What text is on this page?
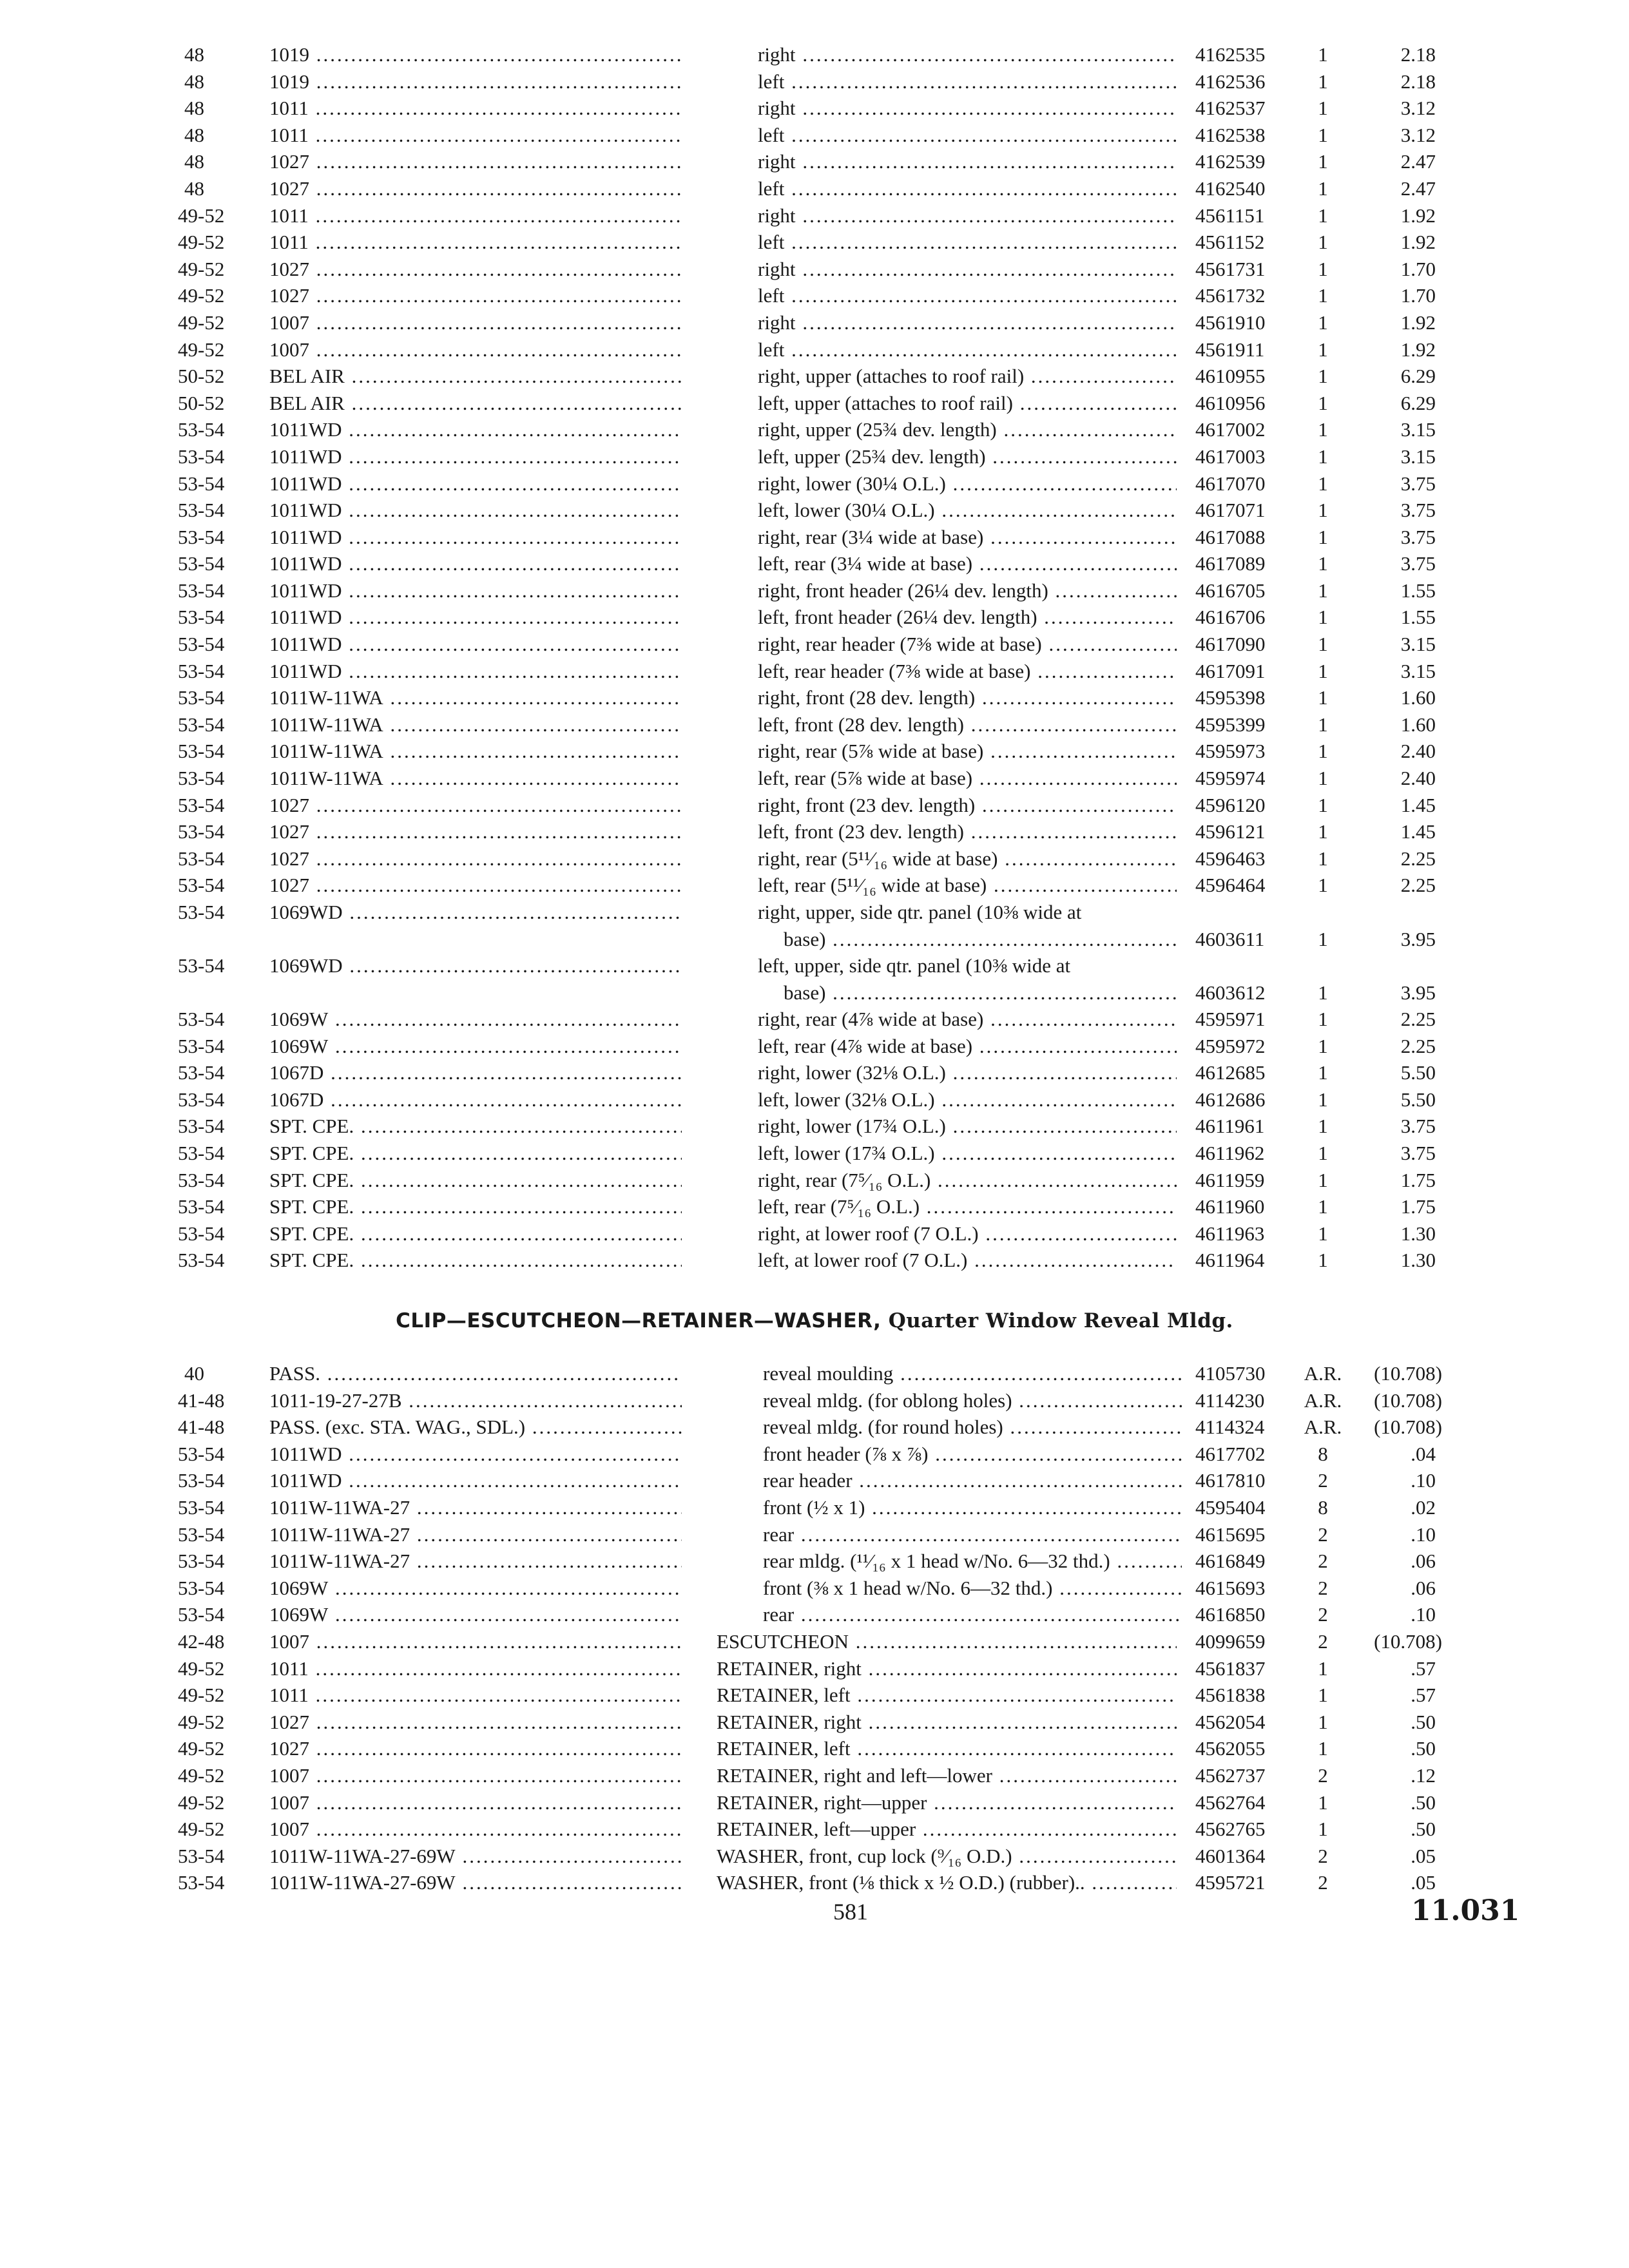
48	1019 .....	right .....	4162535	1	2.18
48	1019 .....	left .....	4162536	1	2.18
48	1011 .....	right .....	4162537	1	3.12
48	1011 .....	left .....	4162538	1	3.12
48	1027 .....	right .....	4162539	1	2.47
48	1027 .....	left .....	4162540	1	2.47
49-52	1011 .....	right .....	4561151	1	1.92
49-52	1011 .....	left .....	4561152	1	1.92
49-52	1027 .....	right .....	4561731	1	1.70
49-52	1027 .....	left .....	4561732	1	1.70
49-52	1007 .....	right .....	4561910	1	1.92
49-52	1007 .....	left .....	4561911	1	1.92
50-52	BEL AIR .....	right, upper (attaches to roof rail) .....	4610955	1	6.29
50-52	BEL AIR .....	left, upper (attaches to roof rail) .....	4610956	1	6.29
53-54	1011WD .....	right, upper (25¾ dev. length) .....	4617002	1	3.15
53-54	1011WD .....	left, upper (25¾ dev. length) .....	4617003	1	3.15
53-54	1011WD .....	right, lower (30¼ O.L.) .....	4617070	1	3.75
53-54	1011WD .....	left, lower (30¼ O.L.) .....	4617071	1	3.75
53-54	1011WD .....	right, rear (3¼ wide at base) .....	4617088	1	3.75
53-54	1011WD .....	left, rear (3¼ wide at base) .....	4617089	1	3.75
53-54	1011WD .....	right, front header (26¼ dev. length) .....	4616705	1	1.55
53-54	1011WD .....	left, front header (26¼ dev. length) .....	4616706	1	1.55
53-54	1011WD .....	right, rear header (7⅜ wide at base) .....	4617090	1	3.15
53-54	1011WD .....	left, rear header (7⅜ wide at base) .....	4617091	1	3.15
53-54	1011W-11WA .....	right, front (28 dev. length) .....	4595398	1	1.60
53-54	1011W-11WA .....	left, front (28 dev. length) .....	4595399	1	1.60
53-54	1011W-11WA .....	right, rear (5⅞ wide at base) .....	4595973	1	2.40
53-54	1011W-11WA .....	left, rear (5⅞ wide at base) .....	4595974	1	2.40
53-54	1027 .....	right, front (23 dev. length) .....	4596120	1	1.45
53-54	1027 .....	left, front (23 dev. length) .....	4596121	1	1.45
53-54	1027 .....	right, rear (5¹¹⁄₁₆ wide at base) .....	4596463	1	2.25
53-54	1027 .....	left, rear (5¹¹⁄₁₆ wide at base) .....	4596464	1	2.25
53-54	1069WD .....	right, upper, side qtr. panel (10⅜ wide at
base) .....	4603611	1	3.95
53-54	1069WD .....	left, upper, side qtr. panel (10⅜ wide at
base) .....	4603612	1	3.95
53-54	1069W .....	right, rear (4⅞ wide at base) .....	4595971	1	2.25
53-54	1069W .....	left, rear (4⅞ wide at base) .....	4595972	1	2.25
53-54	1067D .....	right, lower (32⅛ O.L.) .....	4612685	1	5.50
53-54	1067D .....	left, lower (32⅛ O.L.) .....	4612686	1	5.50
53-54	SPT. CPE. .....	right, lower (17¾ O.L.) .....	4611961	1	3.75
53-54	SPT. CPE. .....	left, lower (17¾ O.L.) .....	4611962	1	3.75
53-54	SPT. CPE. .....	right, rear (7⁵⁄₁₆ O.L.) .....	4611959	1	1.75
53-54	SPT. CPE. .....	left, rear (7⁵⁄₁₆ O.L.) .....	4611960	1	1.75
53-54	SPT. CPE. .....	right, at lower roof (7 O.L.) .....	4611963	1	1.30
53-54	SPT. CPE. .....	left, at lower roof (7 O.L.) .....	4611964	1	1.30
CLIP—ESCUTCHEON—RETAINER—WASHER, Quarter Window Reveal Mldg.
40	PASS. .....	reveal moulding .....	4105730	A.R.	(10.708)
41-48	1011-19-27-27B .....	reveal mldg. (for oblong holes) .....	4114230	A.R.	(10.708)
41-48	PASS. (exc. STA. WAG., SDL.) .....	reveal mldg. (for round holes) .....	4114324	A.R.	(10.708)
53-54	1011WD .....	front header (⅞ x ⅞) .....	4617702	8	.04
53-54	1011WD .....	rear header .....	4617810	2	.10
53-54	1011W-11WA-27 .....	front (½ x 1) .....	4595404	8	.02
53-54	1011W-11WA-27 .....	rear .....	4615695	2	.10
53-54	1011W-11WA-27 .....	rear mldg. (¹¹⁄₁₆ x 1 head w/No. 6—32 thd.) .....	4616849	2	.06
53-54	1069W .....	front (⅜ x 1 head w/No. 6—32 thd.) .....	4615693	2	.06
53-54	1069W .....	rear .....	4616850	2	.10
42-48	1007 .....	ESCUTCHEON .....	4099659	2	(10.708)
49-52	1011 .....	RETAINER, right .....	4561837	1	.57
49-52	1011 .....	RETAINER, left .....	4561838	1	.57
49-52	1027 .....	RETAINER, right .....	4562054	1	.50
49-52	1027 .....	RETAINER, left .....	4562055	1	.50
49-52	1007 .....	RETAINER, right and left—lower .....	4562737	2	.12
49-52	1007 .....	RETAINER, right—upper .....	4562764	1	.50
49-52	1007 .....	RETAINER, left—upper .....	4562765	1	.50
53-54	1011W-11WA-27-69W .....	WASHER, front, cup lock (⁹⁄₁₆ O.D.) .....	4601364	2	.05
53-54	1011W-11WA-27-69W .....	WASHER, front (⅛ thick x ½ O.D.) (rubber).. .....	4595721	2	.05
581	11.031
